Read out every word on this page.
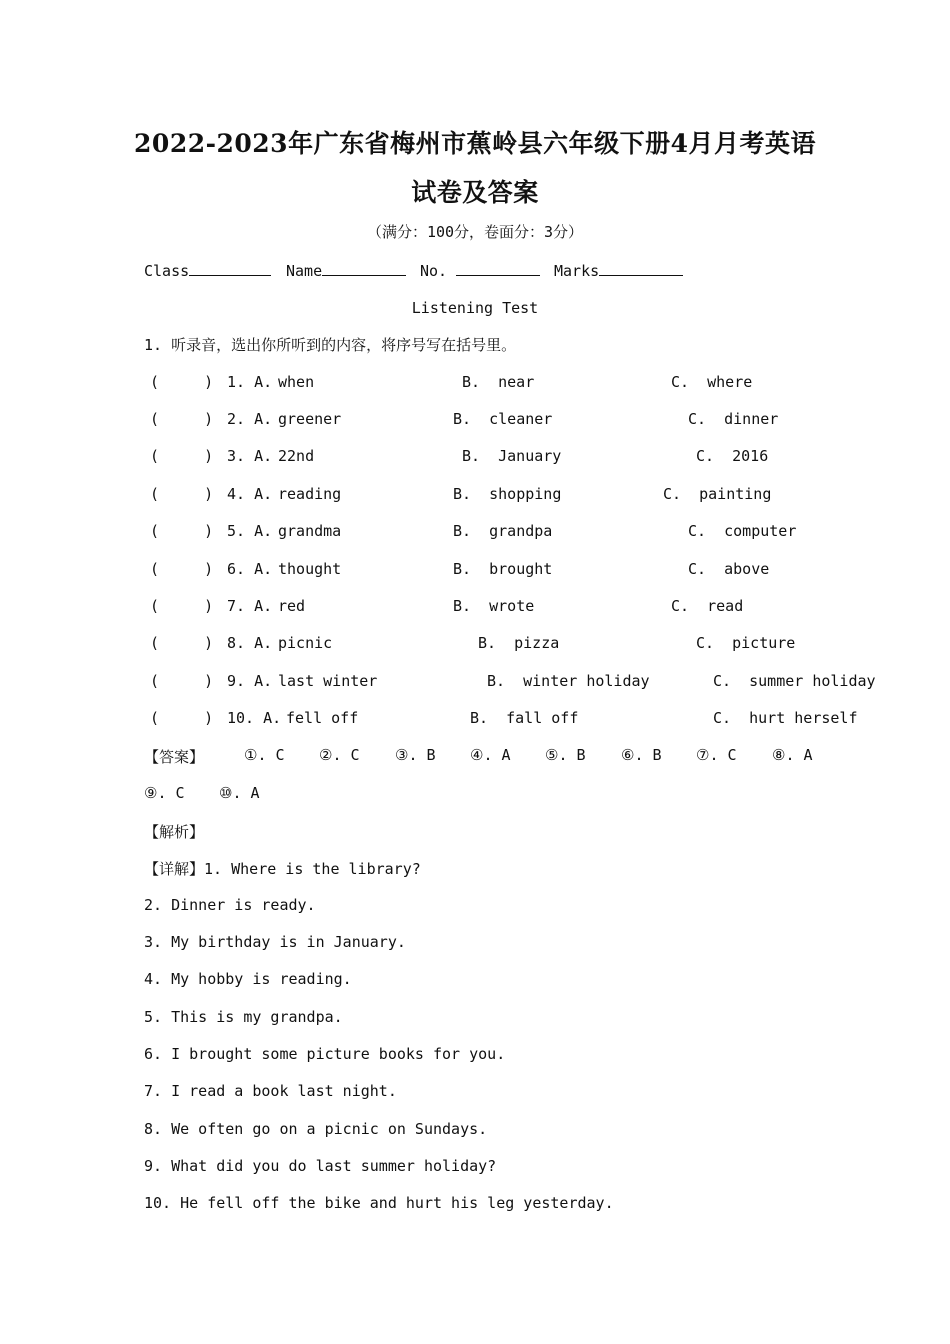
2022-2023年广东省梅州市蕉岭县六年级下册4月月考英语
试卷及答案
（满分：100分，卷面分：3分）
Class	Name	No.	Marks
Listening Test
1. 听录音，选出你所听到的内容，将序号写在括号里。
(     ) 1. A. when	B.  near	C.  where
(     ) 2. A. greener	B.  cleaner	C.  dinner
(     ) 3. A. 22nd	B.  January	C.  2016
(     ) 4. A. reading	B.  shopping	C.  painting
(     ) 5. A. grandma	B.  grandpa	C.  computer
(     ) 6. A. thought	B.  brought	C.  above
(     ) 7. A. red	B.  wrote	C.  read
(     ) 8. A. picnic	B.  pizza	C.  picture
(     ) 9. A. last winter	B.  winter holiday	C.  summer holiday
(     ) 10. A. fell off	B.  fall off	C.  hurt herself
【答案】	①. C ②. C ③. B ④. A ⑤. B ⑥. B ⑦. C ⑧. A
⑨. C ⑩. A
【解析】
【详解】1. Where is the library?
2. Dinner is ready.
3. My birthday is in January.
4. My hobby is reading.
5. This is my grandpa.
6. I brought some picture books for you.
7. I read a book last night.
8. We often go on a picnic on Sundays.
9. What did you do last summer holiday?
10. He fell off the bike and hurt his leg yesterday.
